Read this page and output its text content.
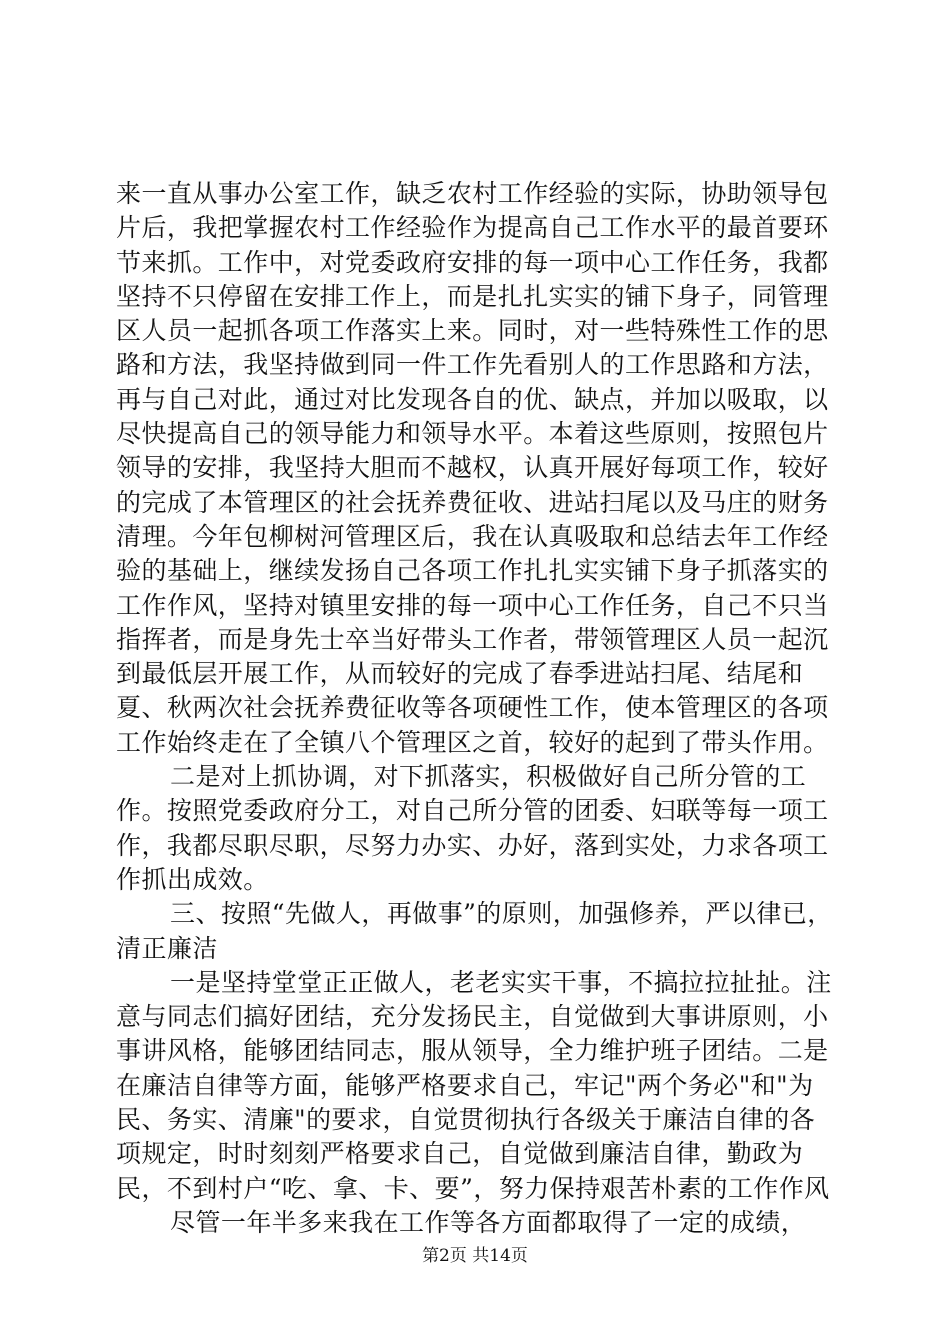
来一直从事办公室工作，缺乏农村工作经验的实际，协助领导包片后，我把掌握农村工作经验作为提高自己工作水平的最首要环节来抓。工作中，对党委政府安排的每一项中心工作任务，我都坚持不只停留在安排工作上，而是扎扎实实的铺下身子，同管理区人员一起抓各项工作落实上来。同时，对一些特殊性工作的思路和方法，我坚持做到同一件工作先看别人的工作思路和方法，再与自己对此，通过对比发现各自的优、缺点，并加以吸取，以尽快提高自己的领导能力和领导水平。本着这些原则，按照包片领导的安排，我坚持大胆而不越权，认真开展好每项工作，较好的完成了本管理区的社会抚养费征收、进站扫尾以及马庄的财务清理。今年包柳树河管理区后，我在认真吸取和总结去年工作经验的基础上，继续发扬自己各项工作扎扎实实铺下身子抓落实的工作作风，坚持对镇里安排的每一项中心工作任务，自己不只当指挥者，而是身先士卒当好带头工作者，带领管理区人员一起沉到最低层开展工作，从而较好的完成了春季进站扫尾、结尾和夏、秋两次社会抚养费征收等各项硬性工作，使本管理区的各项工作始终走在了全镇八个管理区之首，较好的起到了带头作用。

二是对上抓协调，对下抓落实，积极做好自己所分管的工作。按照党委政府分工，对自己所分管的团委、妇联等每一项工作，我都尽职尽职，尽努力办实、办好，落到实处，力求各项工作抓出成效。

三、按照“先做人，再做事”的原则，加强修养，严以律已，清正廉洁

一是坚持堂堂正正做人，老老实实干事，不搞拉拉扯扯。注意与同志们搞好团结，充分发扬民主，自觉做到大事讲原则，小事讲风格，能够团结同志，服从领导，全力维护班子团结。二是在廉洁自律等方面，能够严格要求自己，牢记"两个务必"和"为民、务实、清廉"的要求，自觉贯彻执行各级关于廉洁自律的各项规定，时时刻刻严格要求自己，自觉做到廉洁自律，勤政为民，不到村户“吃、拿、卡、要”，努力保持艰苦朴素的工作作风

尽管一年半多来我在工作等各方面都取得了一定的成绩，

第2页 共14页
